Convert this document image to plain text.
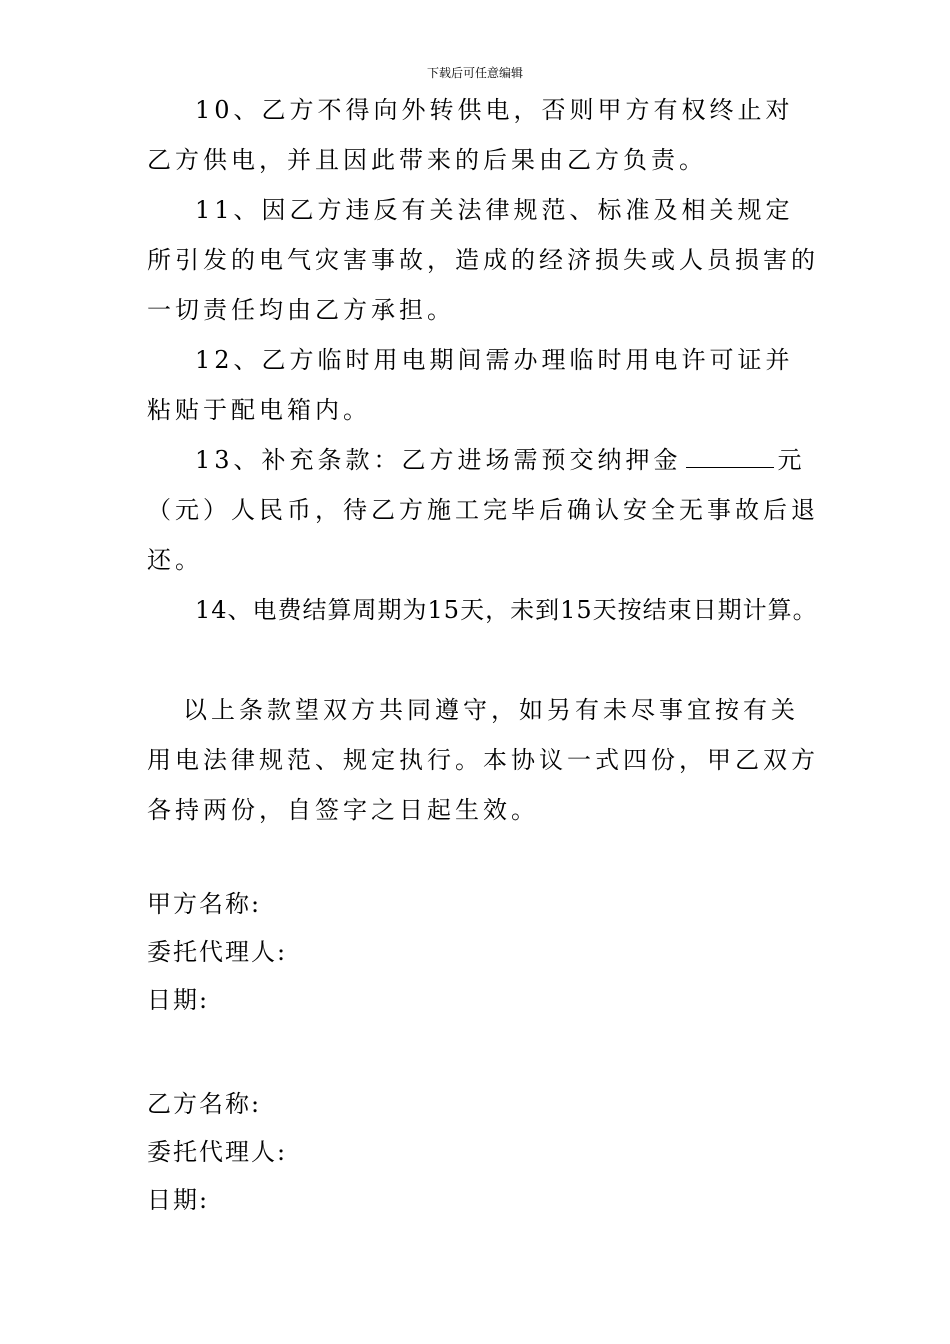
下载后可任意编辑

10、乙方不得向外转供电，否则甲方有权终止对乙方供电，并且因此带来的后果由乙方负责。

11、因乙方违反有关法律规范、标准及相关规定所引发的电气灾害事故，造成的经济损失或人员损害的一切责任均由乙方承担。

12、乙方临时用电期间需办理临时用电许可证并粘贴于配电箱内。

13、补充条款：乙方进场需预交纳押金	元（元）人民币，待乙方施工完毕后确认安全无事故后退还。

14、电费结算周期为15天，未到15天按结束日期计算。

以上条款望双方共同遵守，如另有未尽事宜按有关用电法律规范、规定执行。本协议一式四份，甲乙双方各持两份，自签字之日起生效。

甲方名称:

委托代理人:

日期:

乙方名称:

委托代理人:

日期:
